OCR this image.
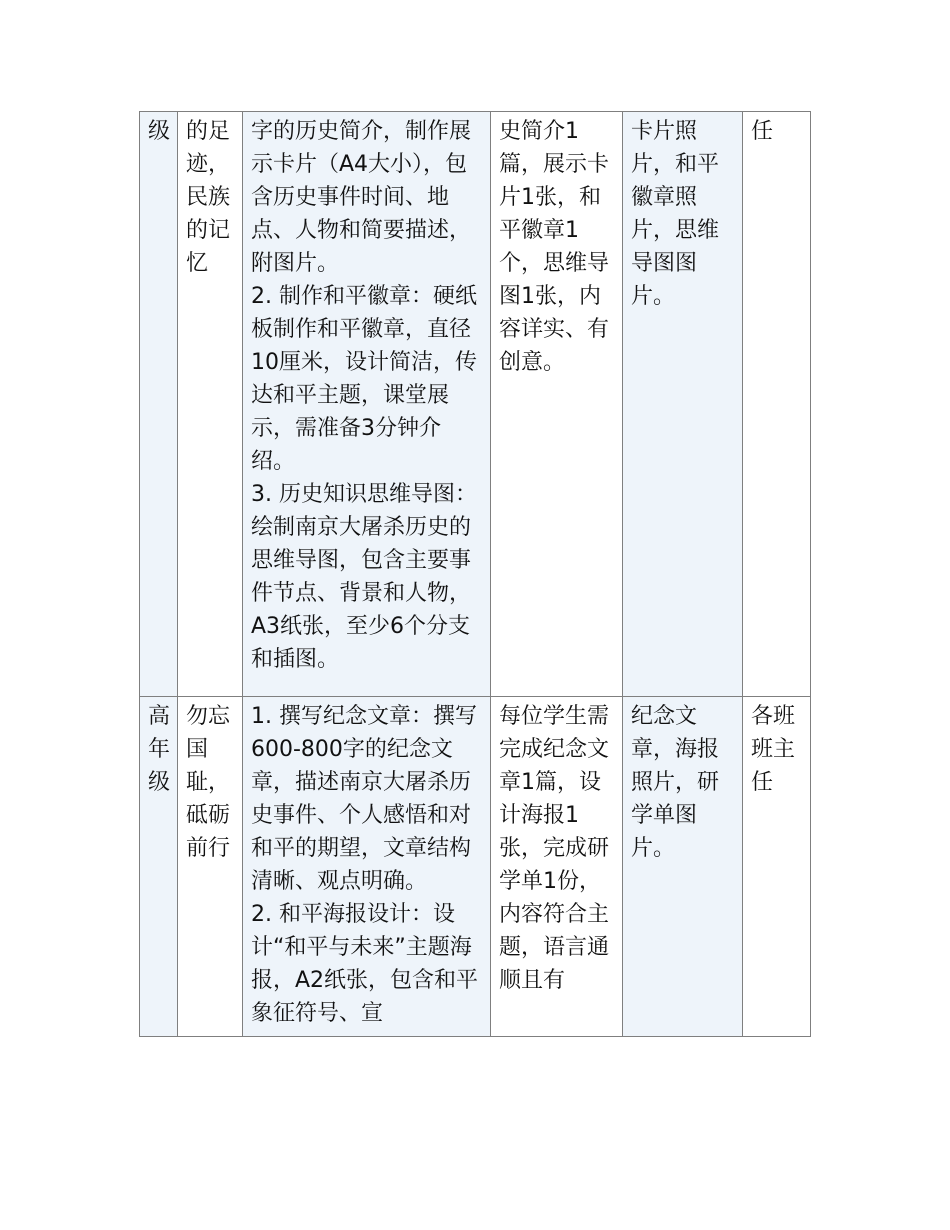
级	的足迹，民族的记忆	字的历史简介，制作展示卡片（A4大小），包含历史事件时间、地点、人物和简要描述，附图片。
2. 制作和平徽章：硬纸板制作和平徽章，直径10厘米，设计简洁，传达和平主题，课堂展示，需准备3分钟介绍。
3. 历史知识思维导图：绘制南京大屠杀历史的思维导图，包含主要事件节点、背景和人物，A3纸张，至少6个分支和插图。	史简介1篇，展示卡片1张，和平徽章1个，思维导图1张，内容详实、有创意。	卡片照片，和平徽章照片，思维导图图片。	任
高年级	勿忘国耻，砥砺前行	1. 撰写纪念文章：撰写600-800字的纪念文章，描述南京大屠杀历史事件、个人感悟和对和平的期望，文章结构清晰、观点明确。
2. 和平海报设计：设计“和平与未来”主题海报，A2纸张，包含和平象征符号、宣	每位学生需完成纪念文章1篇，设计海报1张，完成研学单1份，内容符合主题，语言通顺且有	纪念文章，海报照片，研学单图片。	各班班主任
